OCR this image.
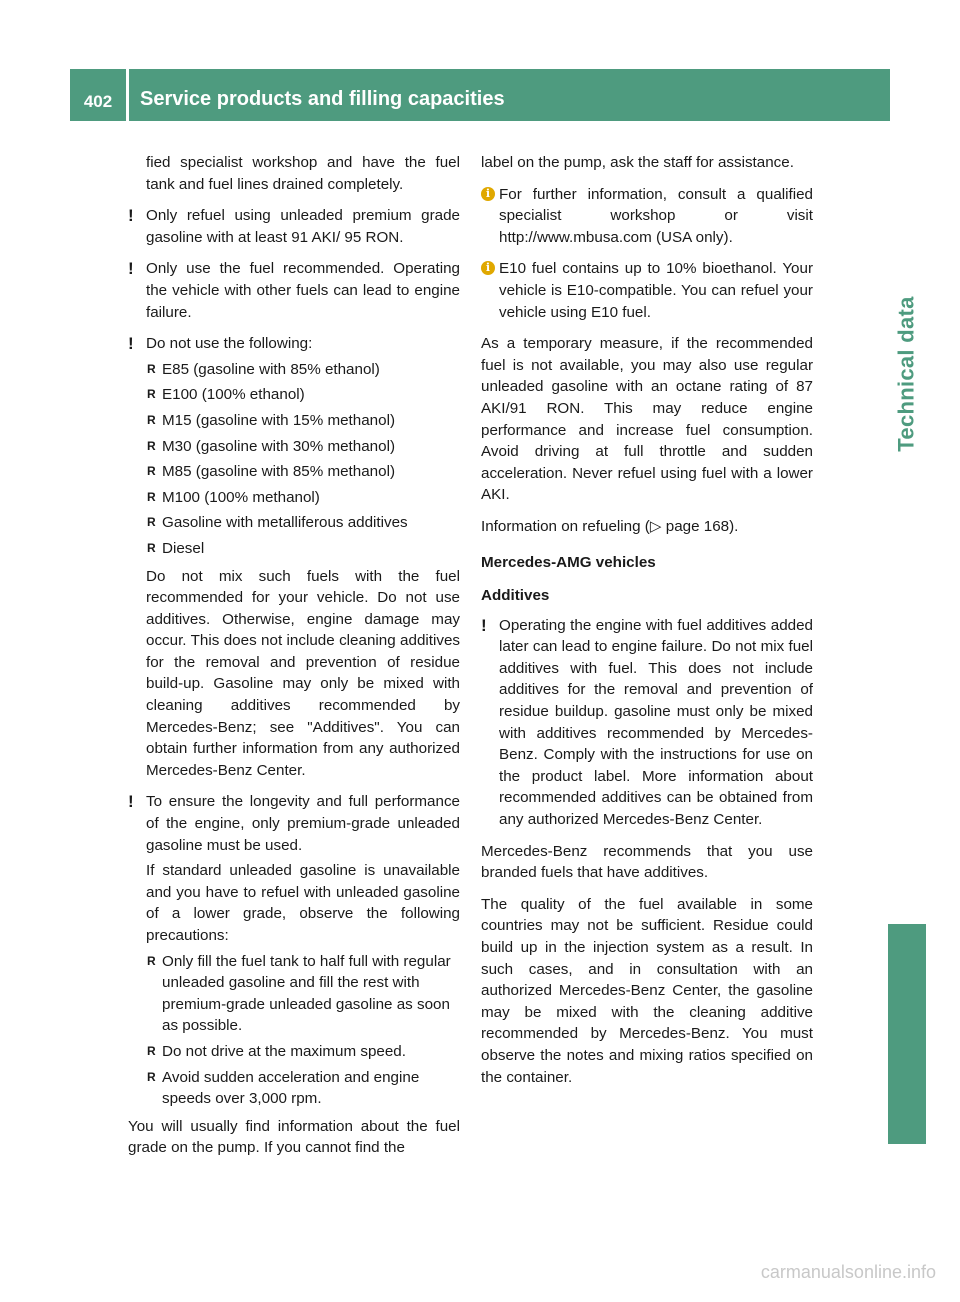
402	Service products and filling capacities
Technical data

fied specialist workshop and have the fuel tank and fuel lines drained completely.

! Only refuel using unleaded premium grade gasoline with at least 91 AKI/ 95 RON.
! Only use the fuel recommended. Operating the vehicle with other fuels can lead to engine failure.
! Do not use the following:
R E85 (gasoline with 85% ethanol)
R E100 (100% ethanol)
R M15 (gasoline with 15% methanol)
R M30 (gasoline with 30% methanol)
R M85 (gasoline with 85% methanol)
R M100 (100% methanol)
R Gasoline with metalliferous additives
R Diesel

Do not mix such fuels with the fuel recommended for your vehicle. Do not use additives. Otherwise, engine damage may occur. This does not include cleaning additives for the removal and prevention of residue build-up. Gasoline may only be mixed with cleaning additives recommended by Mercedes-Benz; see "Additives". You can obtain further information from any authorized Mercedes-Benz Center.

! To ensure the longevity and full performance of the engine, only premium-grade unleaded gasoline must be used.

If standard unleaded gasoline is unavailable and you have to refuel with unleaded gasoline of a lower grade, observe the following precautions:

R Only fill the fuel tank to half full with regular unleaded gasoline and fill the rest with premium-grade unleaded gasoline as soon as possible.
R Do not drive at the maximum speed.
R Avoid sudden acceleration and engine speeds over 3,000 rpm.

You will usually find information about the fuel grade on the pump. If you cannot find the

label on the pump, ask the staff for assistance.

i For further information, consult a qualified specialist workshop or visit http://www.mbusa.com (USA only).
i E10 fuel contains up to 10% bioethanol. Your vehicle is E10-compatible. You can refuel your vehicle using E10 fuel.

As a temporary measure, if the recommended fuel is not available, you may also use regular unleaded gasoline with an octane rating of 87 AKI/91 RON. This may reduce engine performance and increase fuel consumption. Avoid driving at full throttle and sudden acceleration. Never refuel using fuel with a lower AKI.

Information on refueling (▷ page 168).

Mercedes-AMG vehicles
Additives
! Operating the engine with fuel additives added later can lead to engine failure. Do not mix fuel additives with fuel. This does not include additives for the removal and prevention of residue buildup. gasoline must only be mixed with additives recommended by Mercedes-Benz. Comply with the instructions for use on the product label. More information about recommended additives can be obtained from any authorized Mercedes-Benz Center.

Mercedes-Benz recommends that you use branded fuels that have additives.

The quality of the fuel available in some countries may not be sufficient. Residue could build up in the injection system as a result. In such cases, and in consultation with an authorized Mercedes-Benz Center, the gasoline may be mixed with the cleaning additive recommended by Mercedes-Benz. You must observe the notes and mixing ratios specified on the container.

carmanualsonline.info
